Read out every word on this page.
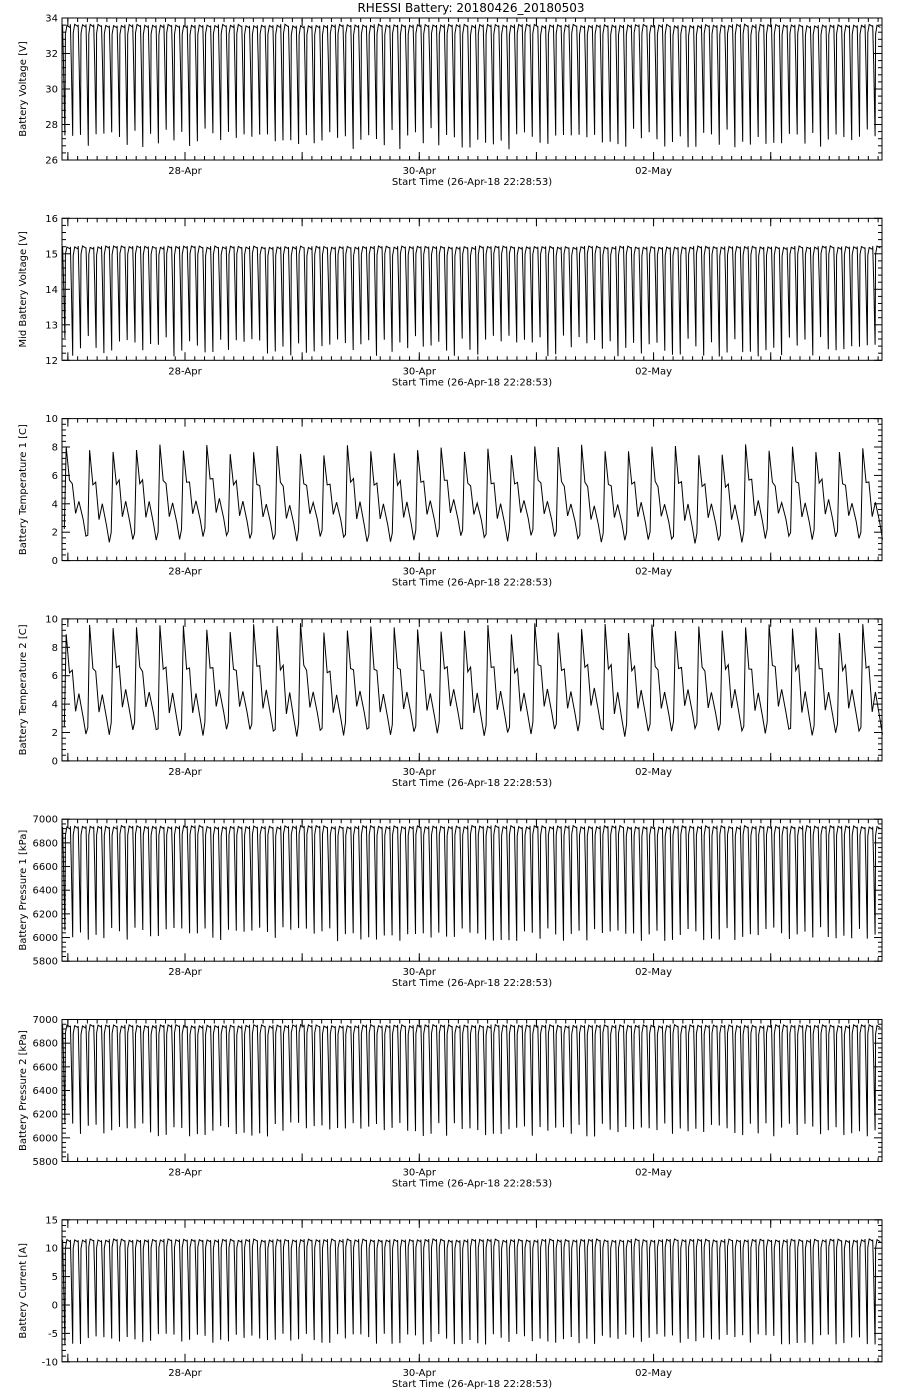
RHESSI Battery: 20180426_20180503
26
28
30
32
34
28-Apr	30-Apr	02-May
Start Time (26-Apr-18 22:28:53)
Battery Voltage [V]
12
13
14
15
16
28-Apr	30-Apr	02-May
Start Time (26-Apr-18 22:28:53)
Mid Battery Voltage [V]
0
2
4
6
8
10
28-Apr	30-Apr	02-May
Start Time (26-Apr-18 22:28:53)
Battery Temperature 1 [C]
0
2
4
6
8
10
28-Apr	30-Apr	02-May
Start Time (26-Apr-18 22:28:53)
Battery Temperature 2 [C]
5800
6000
6200
6400
6600
6800
7000
28-Apr	30-Apr	02-May
Start Time (26-Apr-18 22:28:53)
Battery Pressure 1 [kPa]
5800
6000
6200
6400
6600
6800
7000
28-Apr	30-Apr	02-May
Start Time (26-Apr-18 22:28:53)
Battery Pressure 2 [kPa]
-10
-5
0
5
10
15
28-Apr	30-Apr	02-May
Start Time (26-Apr-18 22:28:53)
Battery Current [A]
